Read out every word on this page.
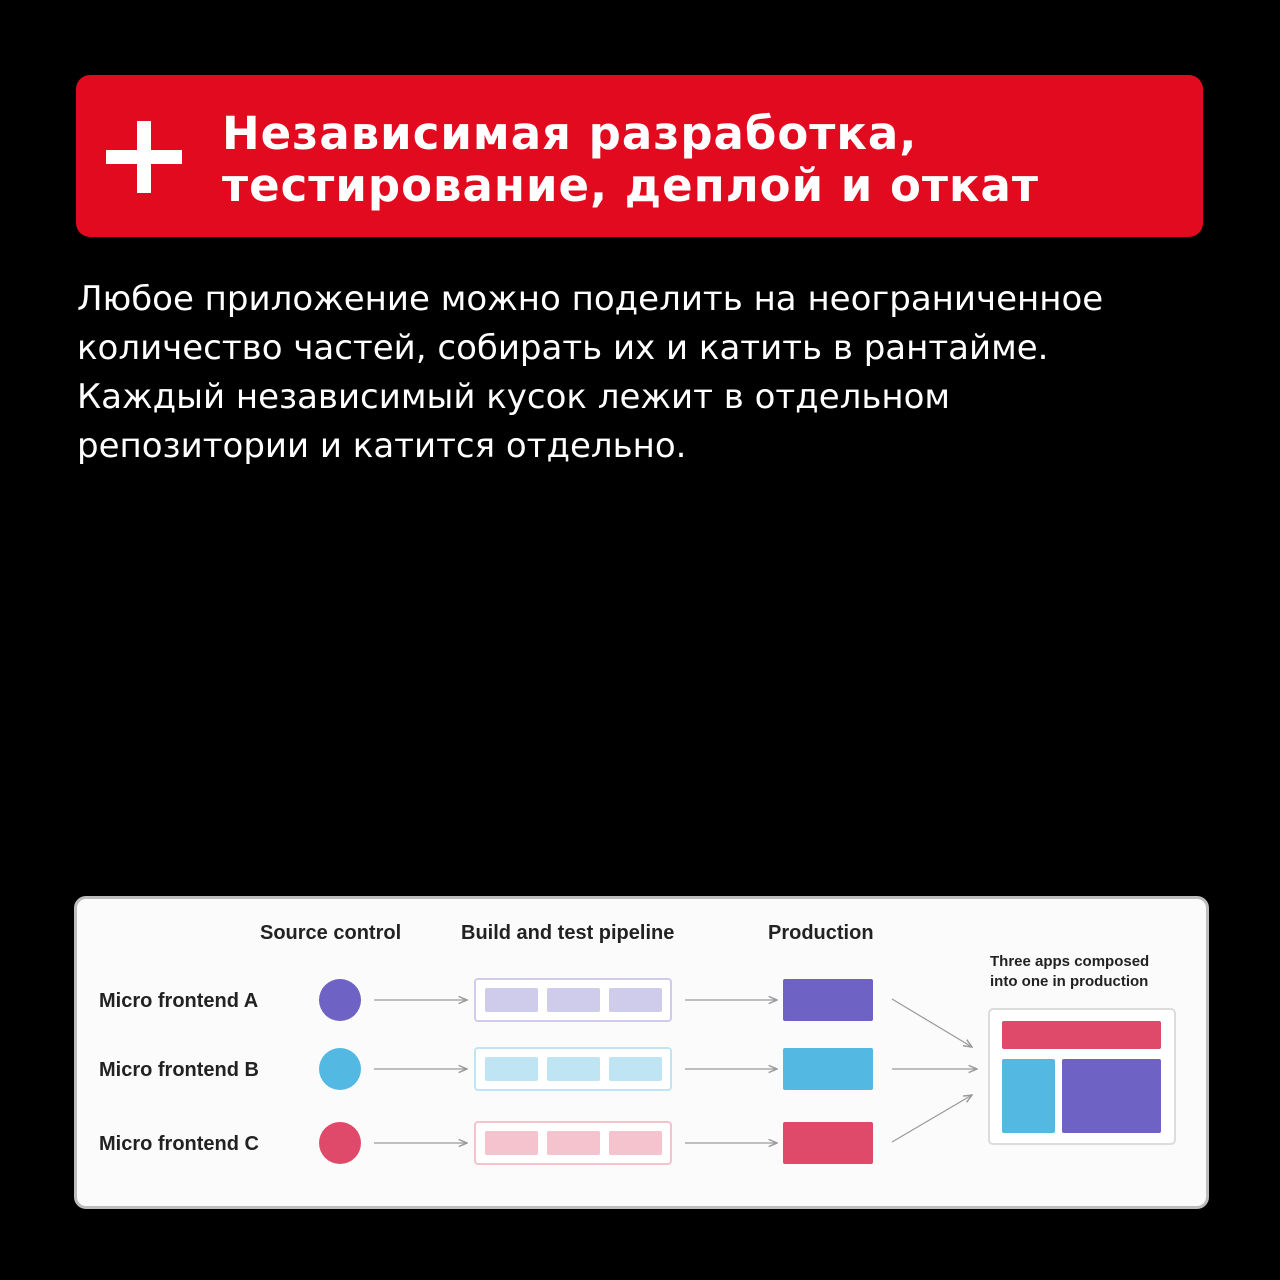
Независимая разработка,
тестирование, деплой и откат
Любое приложение можно поделить на неограниченное
количество частей, собирать их и катить в рантайме.
Каждый независимый кусок лежит в отдельном
репозитории и катится отдельно.
Source control	Build and test pipeline	Production
Three apps composed
into one in production
Micro frontend A
Micro frontend B
Micro frontend C
